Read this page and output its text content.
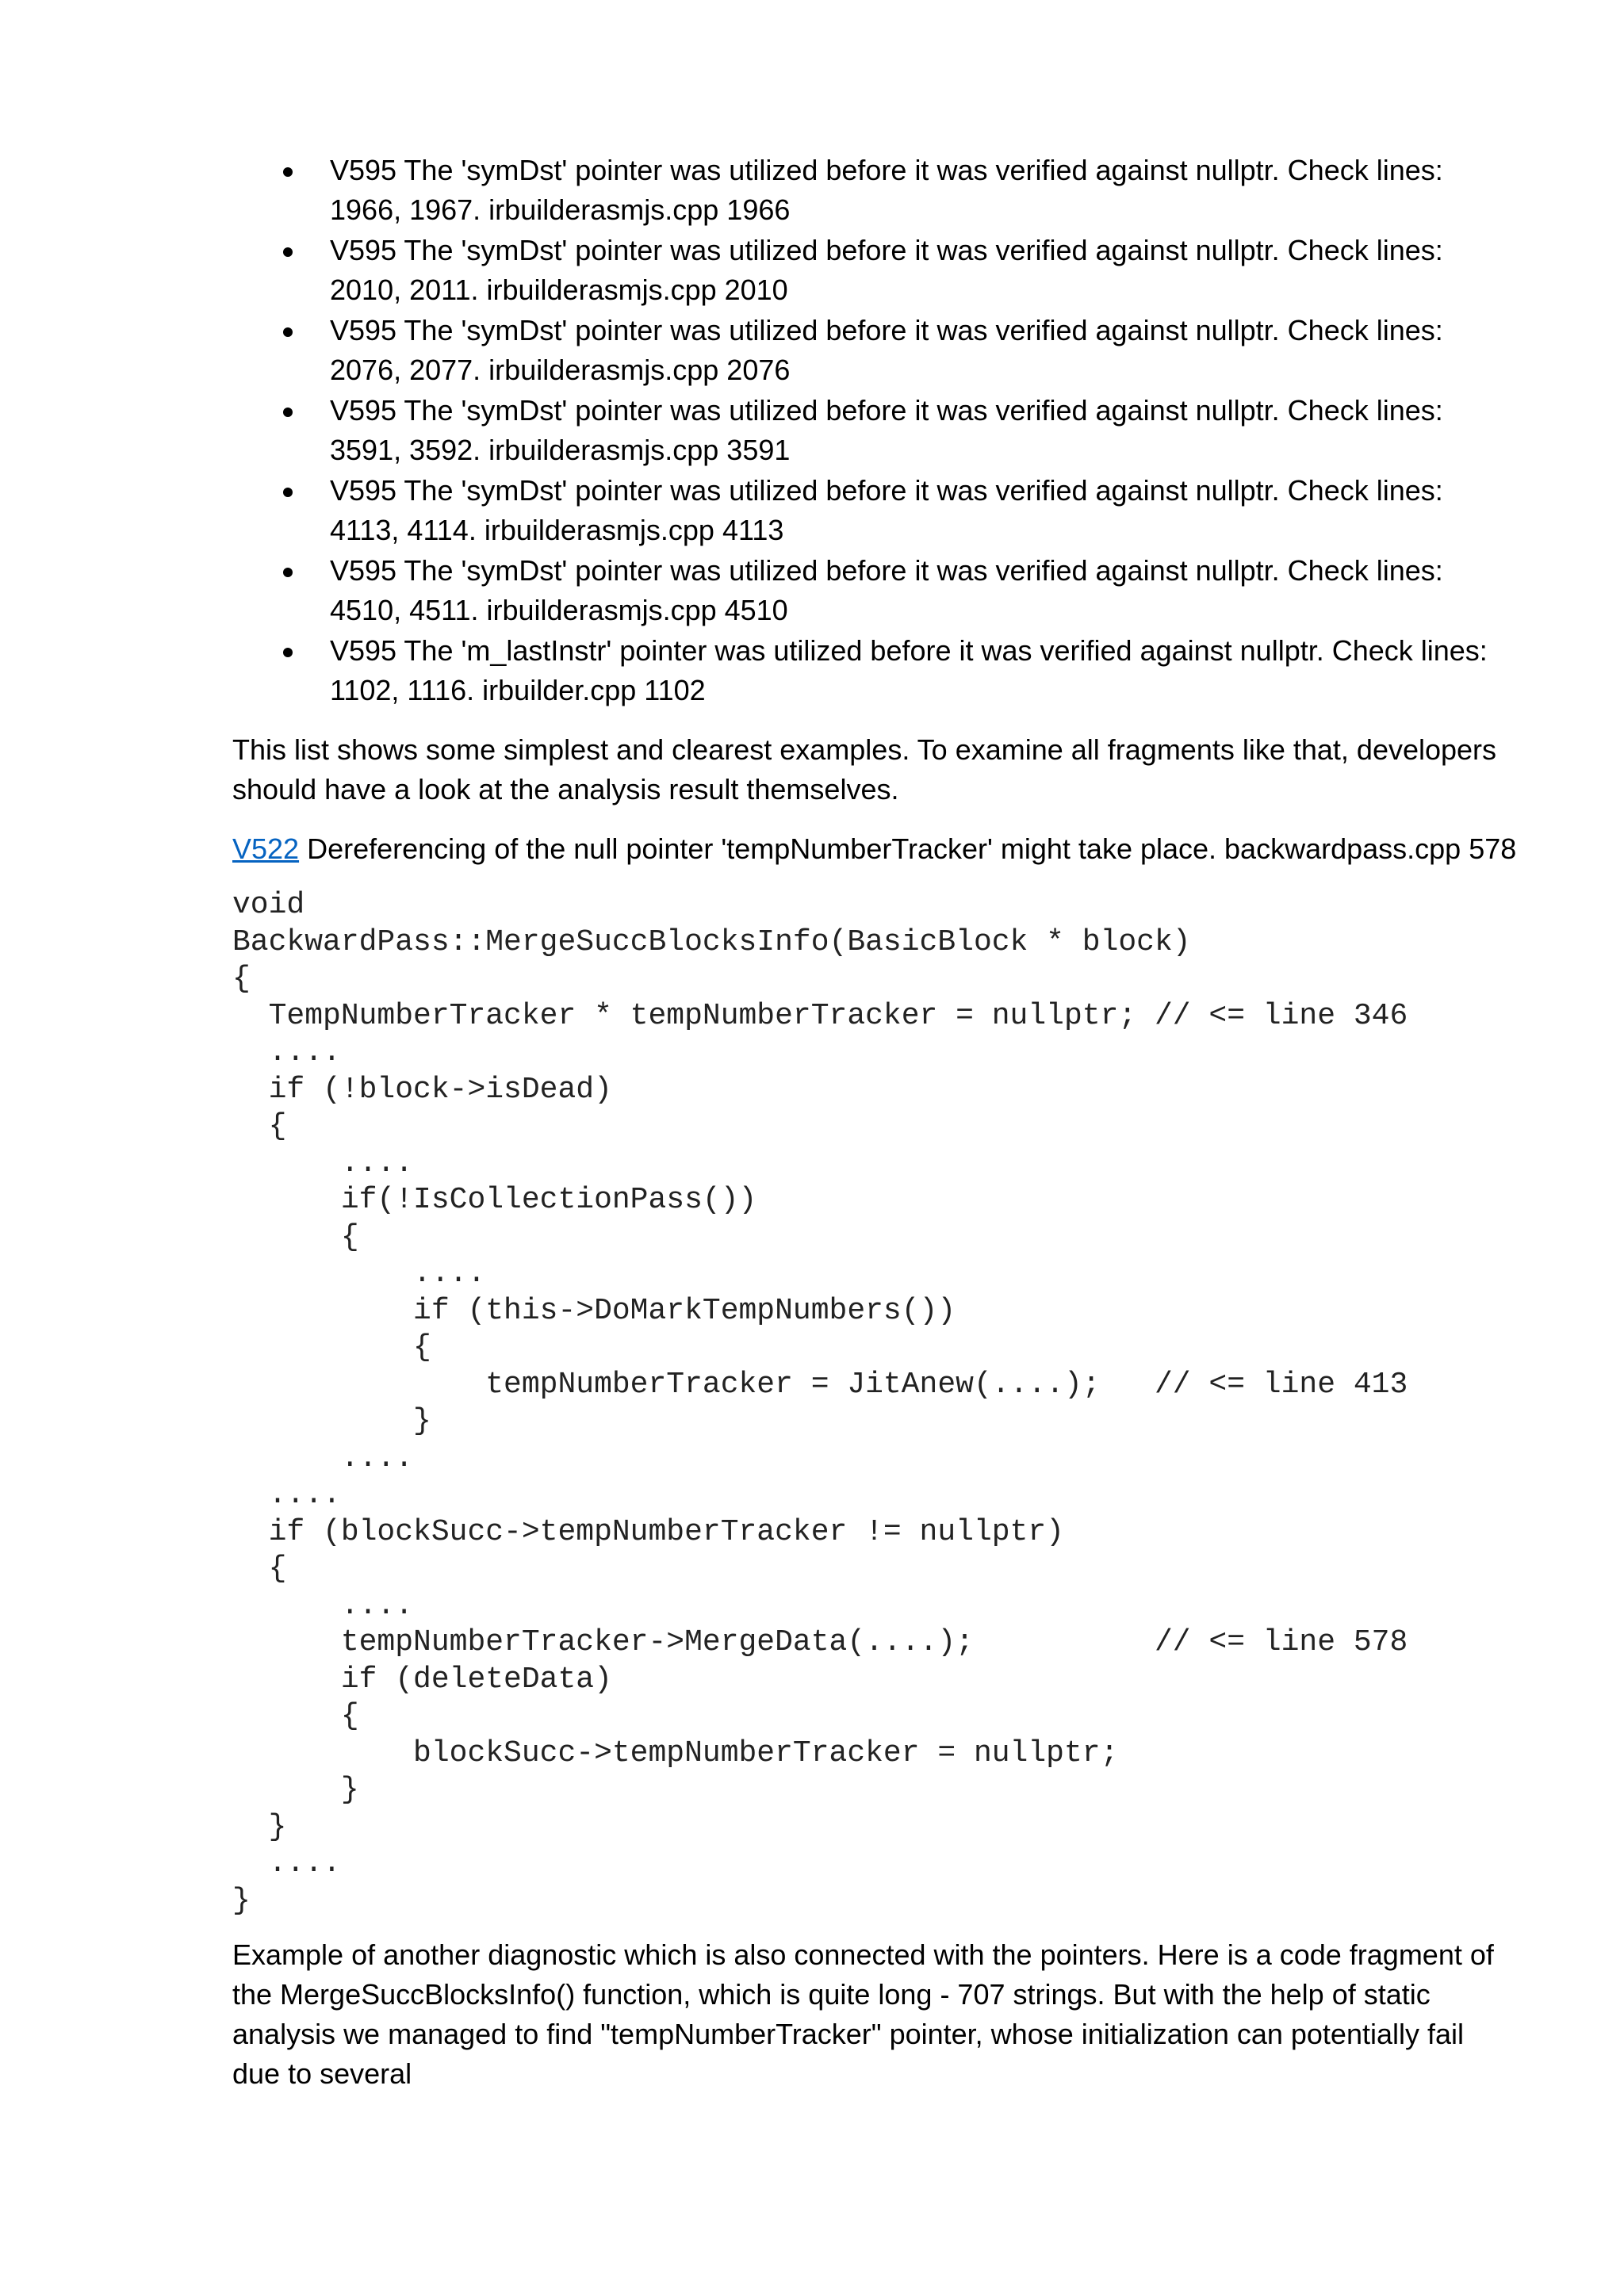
V595 The 'symDst' pointer was utilized before it was verified against nullptr. Check lines: 1966, 1967. irbuilderasmjs.cpp 1966
V595 The 'symDst' pointer was utilized before it was verified against nullptr. Check lines: 2010, 2011. irbuilderasmjs.cpp 2010
V595 The 'symDst' pointer was utilized before it was verified against nullptr. Check lines: 2076, 2077. irbuilderasmjs.cpp 2076
V595 The 'symDst' pointer was utilized before it was verified against nullptr. Check lines: 3591, 3592. irbuilderasmjs.cpp 3591
V595 The 'symDst' pointer was utilized before it was verified against nullptr. Check lines: 4113, 4114. irbuilderasmjs.cpp 4113
V595 The 'symDst' pointer was utilized before it was verified against nullptr. Check lines: 4510, 4511. irbuilderasmjs.cpp 4510
V595 The 'm_lastInstr' pointer was utilized before it was verified against nullptr. Check lines: 1102, 1116. irbuilder.cpp 1102

This list shows some simplest and clearest examples. To examine all fragments like that, developers should have a look at the analysis result themselves.

V522 Dereferencing of the null pointer 'tempNumberTracker' might take place. backwardpass.cpp 578

void
BackwardPass::MergeSuccBlocksInfo(BasicBlock * block)
{
TempNumberTracker * tempNumberTracker = nullptr; // <= line 346
....
if (!block->isDead)
{
....
if(!IsCollectionPass())
{
....
if (this->DoMarkTempNumbers())
{
tempNumberTracker = JitAnew(....);   // <= line 413
}
....
....
if (blockSucc->tempNumberTracker != nullptr)
{
....
tempNumberTracker->MergeData(....);          // <= line 578
if (deleteData)
{
blockSucc->tempNumberTracker = nullptr;
}
}
....
}

Example of another diagnostic which is also connected with the pointers. Here is a code fragment of the MergeSuccBlocksInfo() function, which is quite long - 707 strings. But with the help of static analysis we managed to find "tempNumberTracker" pointer, whose initialization can potentially fail due to several
